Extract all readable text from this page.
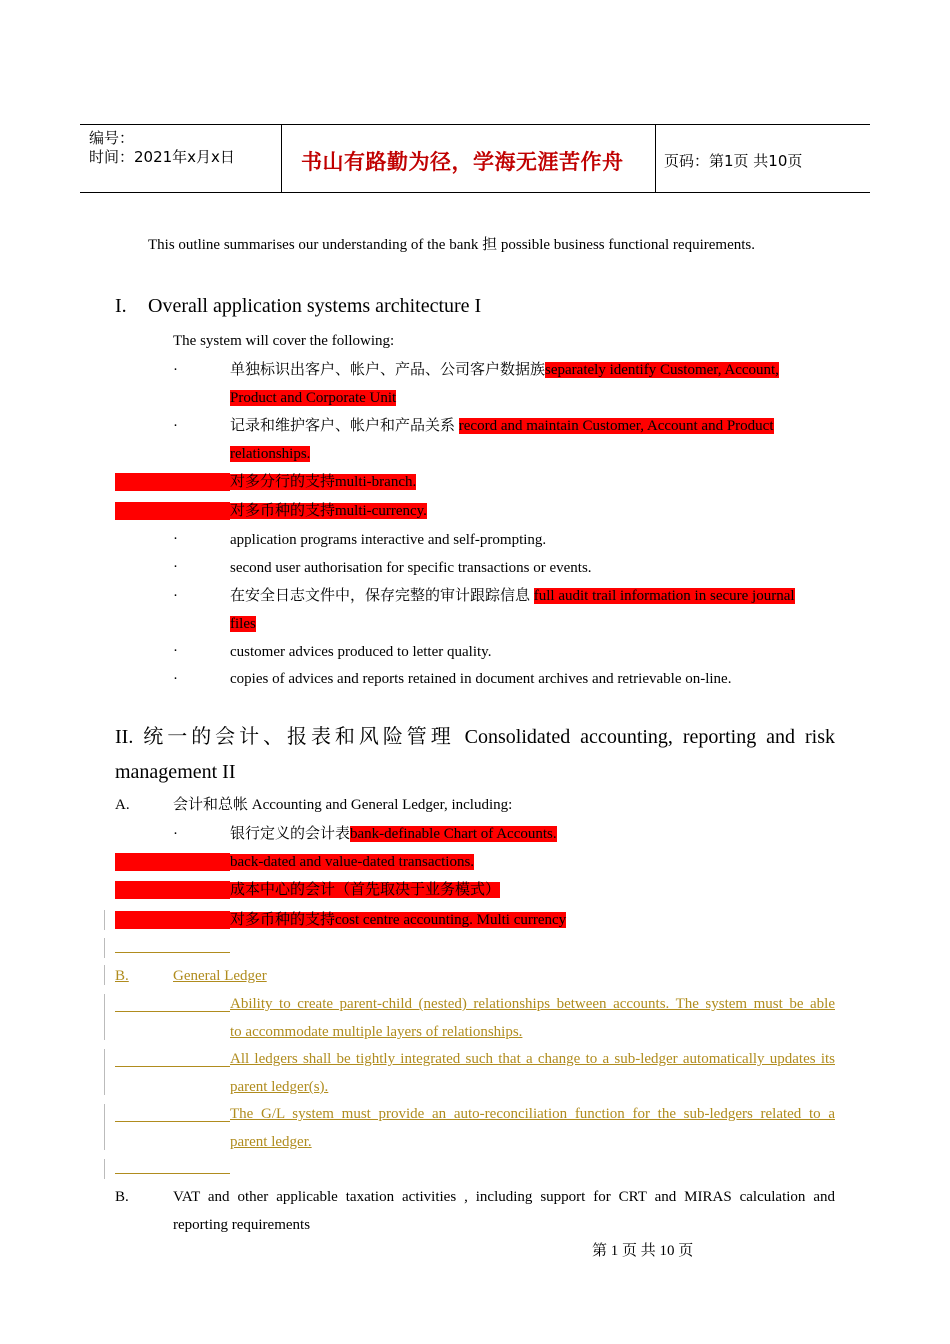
编号：
时间：2021年x月x日	书山有路勤为径，学海无涯苦作舟	页码：第1页 共10页
This outline summarises our understanding of the bank 担 possible business functional requirements.
I. Overall application systems architecture I
The system will cover the following:
·	单独标识出客户、帐户、产品、公司客户数据族separately identify Customer, Account,
Product and Corporate Unit
·	记录和维护客户、帐户和产品关系 record and maintain Customer, Account and Product
relationships.
对多分行的支持multi-branch.
对多币种的支持multi-currency.
·	application programs interactive and self-prompting.
·	second user authorisation for specific transactions or events.
·	在安全日志文件中，保存完整的审计跟踪信息 full audit trail information in secure journal
files
·	customer advices produced to letter quality.
·	copies of advices and reports retained in document archives and retrievable on-line.
II. 统一的会计、报表和风险管理 Consolidated accounting, reporting and risk
management II
A.	会计和总帐 Accounting and General Ledger, including:
·	银行定义的会计表bank-definable Chart of Accounts.
back-dated and value-dated transactions.
成本中心的会计（首先取决于业务模式）
对多币种的支持cost centre accounting. Multi currency
B.	General Ledger
Ability to create parent-child (nested) relationships between accounts. The system must be able
to accommodate multiple layers of relationships.
All ledgers shall be tightly integrated such that a change to a sub-ledger automatically updates its
parent ledger(s).
The G/L system must provide an auto-reconciliation function for the sub-ledgers related to a
parent ledger.
B.	VAT and other applicable taxation activities , including support for CRT and MIRAS calculation and
reporting requirements
第 1 页 共 10 页
